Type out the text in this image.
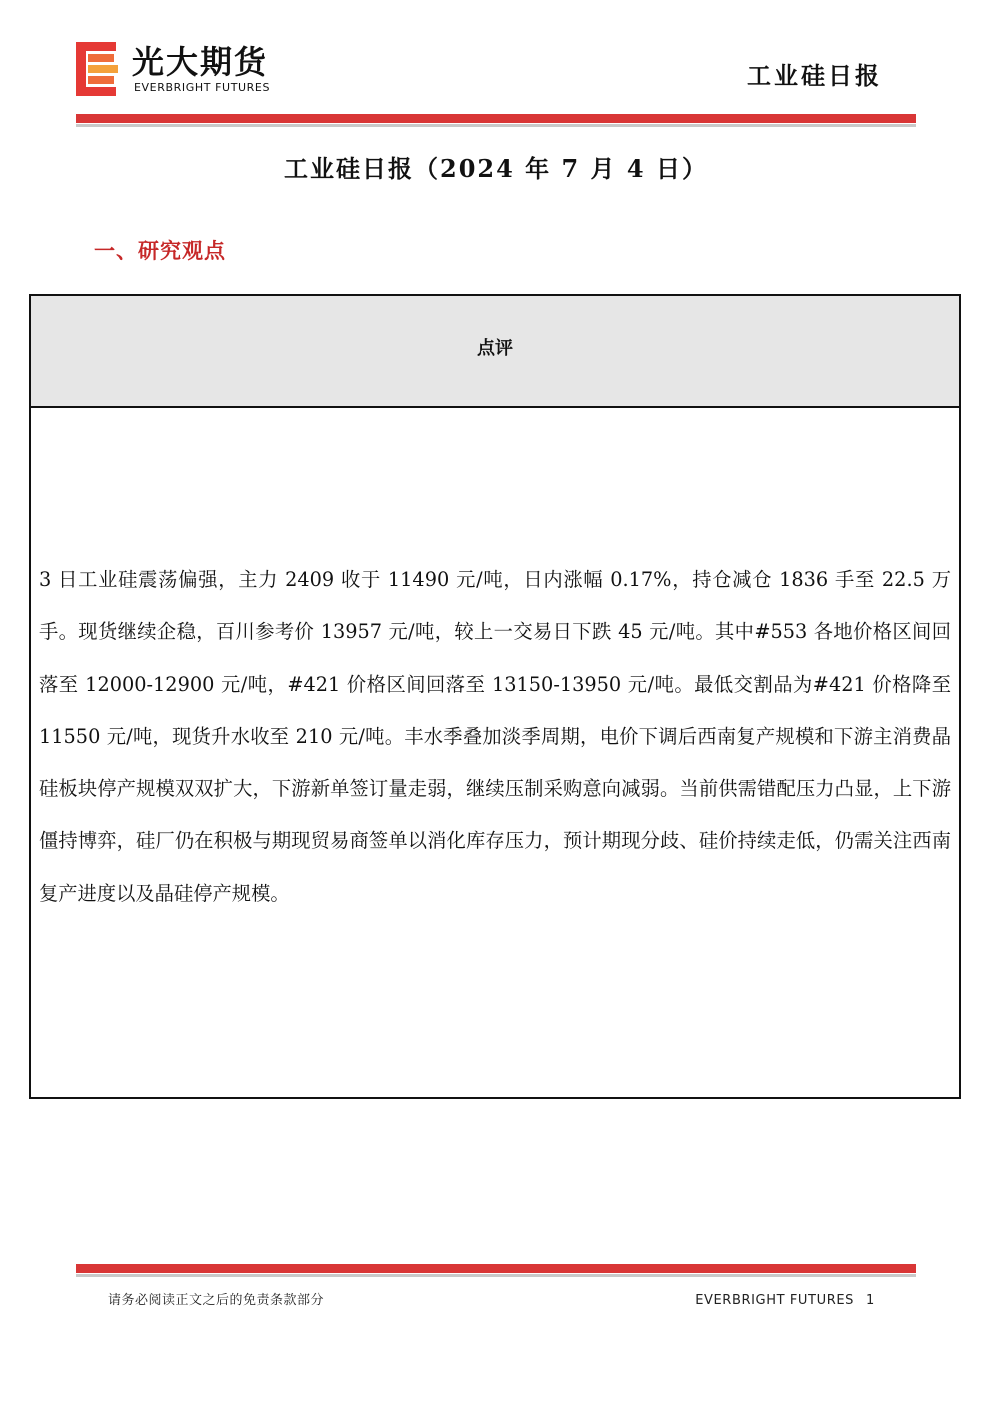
光大期货
EVERBRIGHT FUTURES	工业硅日报
工业硅日报（2024 年 7 月 4 日）
一、研究观点
点评
3 日工业硅震荡偏强，主力 2409 收于 11490 元/吨，日内涨幅 0.17%，持仓减仓 1836 手至 22.5 万手。现货继续企稳，百川参考价 13957 元/吨，较上一交易日下跌 45 元/吨。其中#553 各地价格区间回落至 12000-12900 元/吨，#421 价格区间回落至 13150-13950 元/吨。最低交割品为#421 价格降至 11550 元/吨，现货升水收至 210 元/吨。丰水季叠加淡季周期，电价下调后西南复产规模和下游主消费晶硅板块停产规模双双扩大，下游新单签订量走弱，继续压制采购意向减弱。当前供需错配压力凸显，上下游僵持博弈，硅厂仍在积极与期现贸易商签单以消化库存压力，预计期现分歧、硅价持续走低，仍需关注西南复产进度以及晶硅停产规模。
请务必阅读正文之后的免责条款部分	EVERBRIGHT FUTURES 1
